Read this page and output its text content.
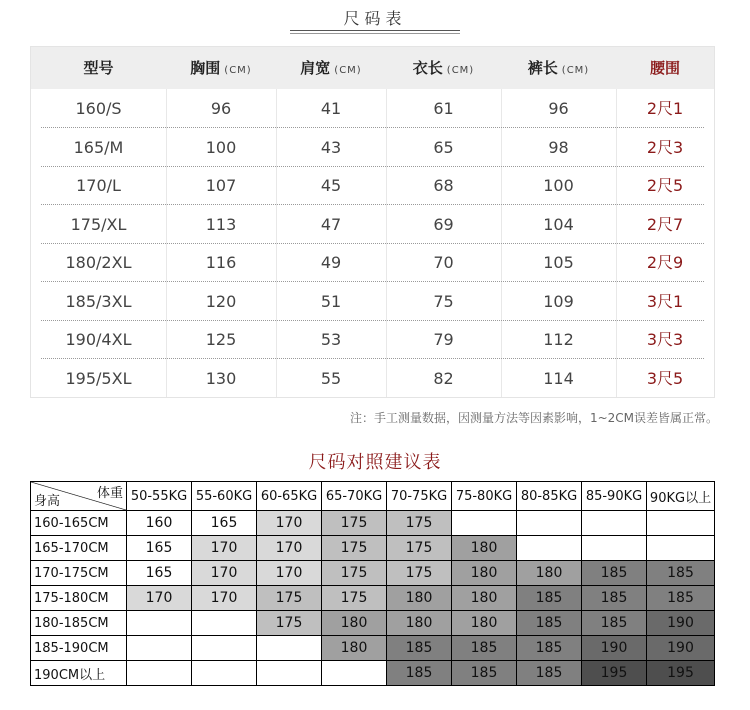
尺码表
型号	胸围 (CM)	肩宽 (CM)	衣长 (CM)	裤长 (CM)	腰围
160/S	96	41	61	96	2尺1
165/M	100	43	65	98	2尺3
170/L	107	45	68	100	2尺5
175/XL	113	47	69	104	2尺7
180/2XL	116	49	70	105	2尺9
185/3XL	120	51	75	109	3尺1
190/4XL	125	53	79	112	3尺3
195/5XL	130	55	82	114	3尺5
注：手工测量数据，因测量方法等因素影响，1~2CM误差皆属正常。
尺码对照建议表
体重
身高	50-55KG	55-60KG	60-65KG	65-70KG	70-75KG	75-80KG	80-85KG	85-90KG	90KG以上
160-165CM	160	165	170	175	175				
165-170CM	165	170	170	175	175	180			
170-175CM	165	170	170	175	175	180	180	185	185
175-180CM	170	170	175	175	180	180	185	185	185
180-185CM			175	180	180	180	185	185	190
185-190CM				180	185	185	185	190	190
190CM以上					185	185	185	195	195
